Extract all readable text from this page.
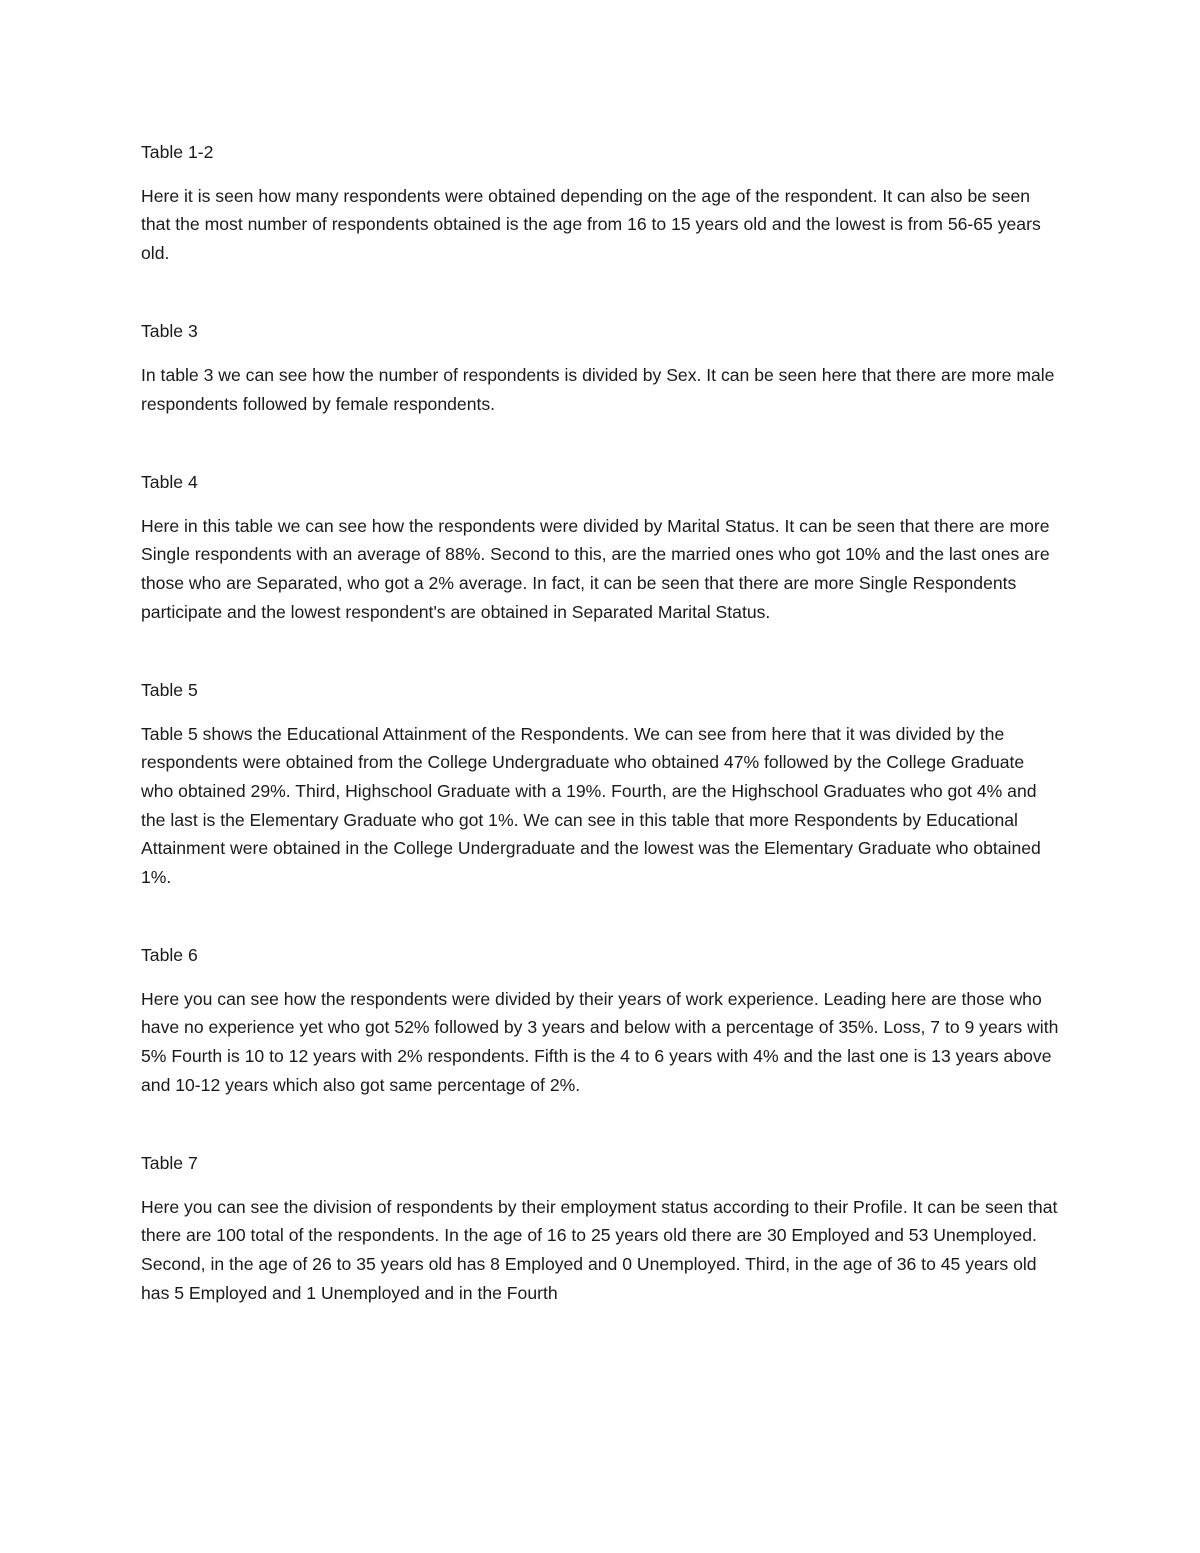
Table 1-2

Here it is seen how many respondents were obtained depending on the age of the respondent. It can also be seen that the most number of respondents obtained is the age from 16 to 15 years old and the lowest is from 56-65 years old.

Table 3

In table 3 we can see how the number of respondents is divided by Sex. It can be seen here that there are more male respondents followed by female respondents.

Table 4

Here in this table we can see how the respondents were divided by Marital Status. It can be seen that there are more Single respondents with an average of 88%. Second to this, are the married ones who got 10% and the last ones are those who are Separated, who got a 2% average. In fact, it can be seen that there are more Single Respondents participate and the lowest respondent's are obtained in Separated Marital Status.

Table 5

Table 5 shows the Educational Attainment of the Respondents. We can see from here that it was divided by the respondents were obtained from the College Undergraduate who obtained 47% followed by the College Graduate who obtained 29%. Third, Highschool Graduate with a 19%. Fourth, are the Highschool Graduates who got 4% and the last is the Elementary Graduate who got 1%. We can see in this table that more Respondents by Educational Attainment were obtained in the College Undergraduate and the lowest was the Elementary Graduate who obtained 1%.

Table 6

Here you can see how the respondents were divided by their years of work experience. Leading here are those who have no experience yet who got 52% followed by 3 years and below with a percentage of 35%. Loss, 7 to 9 years with 5% Fourth is 10 to 12 years with 2% respondents. Fifth is the 4 to 6 years with 4% and the last one is 13 years above and 10-12 years which also got same percentage of 2%.

Table 7

Here you can see the division of respondents by their employment status according to their Profile. It can be seen that there are 100 total of the respondents. In the age of 16 to 25 years old there are 30 Employed and 53 Unemployed. Second, in the age of 26 to 35 years old has 8 Employed and 0 Unemployed. Third, in the age of 36 to 45 years old has 5 Employed and 1 Unemployed and in the Fourth
